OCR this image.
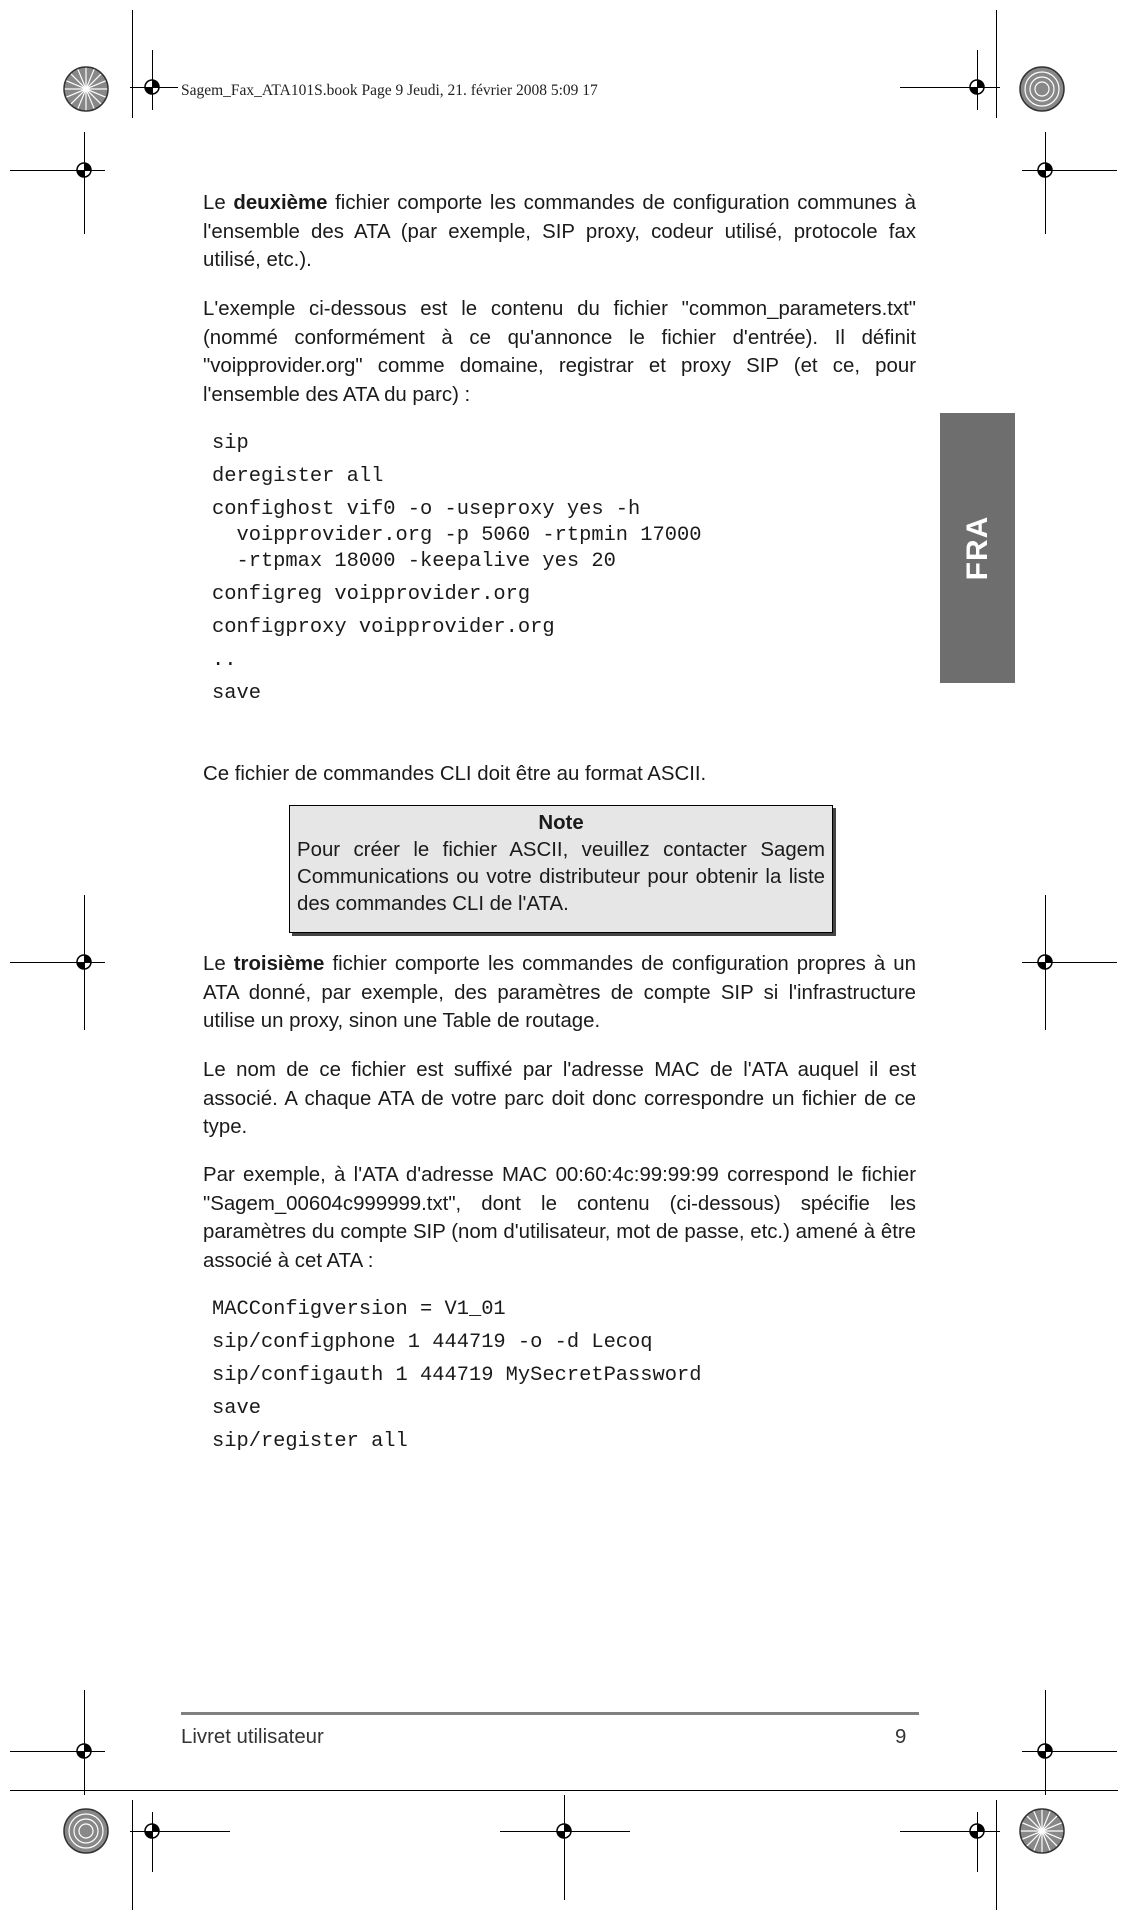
Sagem_Fax_ATA101S.book Page 9 Jeudi, 21. février 2008 5:09 17
FRA

Le deuxième fichier comporte les commandes de configuration communes à l'ensemble des ATA (par exemple, SIP proxy, codeur utilisé, protocole fax utilisé, etc.).

L'exemple ci-dessous est le contenu du fichier "common_parameters.txt" (nommé conformément à ce qu'annonce le fichier d'entrée). Il définit "voipprovider.org" comme domaine, registrar et proxy SIP (et ce, pour l'ensemble des ATA du parc) :

sip
deregister all
confighost vif0 -o -useproxy yes -h
voipprovider.org -p 5060 -rtpmin 17000
-rtpmax 18000 -keepalive yes 20
configreg voipprovider.org
configproxy voipprovider.org
..
save

Ce fichier de commandes CLI doit être au format ASCII.

Note
Pour créer le fichier ASCII, veuillez contacter Sagem Communications ou votre distributeur pour obtenir la liste des commandes CLI de l'ATA.

Le troisième fichier comporte les commandes de configuration propres à un ATA donné, par exemple, des paramètres de compte SIP si l'infrastructure utilise un proxy, sinon une Table de routage.

Le nom de ce fichier est suffixé par l'adresse MAC de l'ATA auquel il est associé. A chaque ATA de votre parc doit donc correspondre un fichier de ce type.

Par exemple, à l'ATA d'adresse MAC 00:60:4c:99:99:99 correspond le fichier "Sagem_00604c999999.txt", dont le contenu (ci-dessous) spécifie les paramètres du compte SIP (nom d'utilisateur, mot de passe, etc.) amené à être associé à cet ATA :

MACConfigversion = V1_01
sip/configphone 1 444719 -o -d Lecoq
sip/configauth 1 444719 MySecretPassword
save
sip/register all
Livret utilisateur	9
